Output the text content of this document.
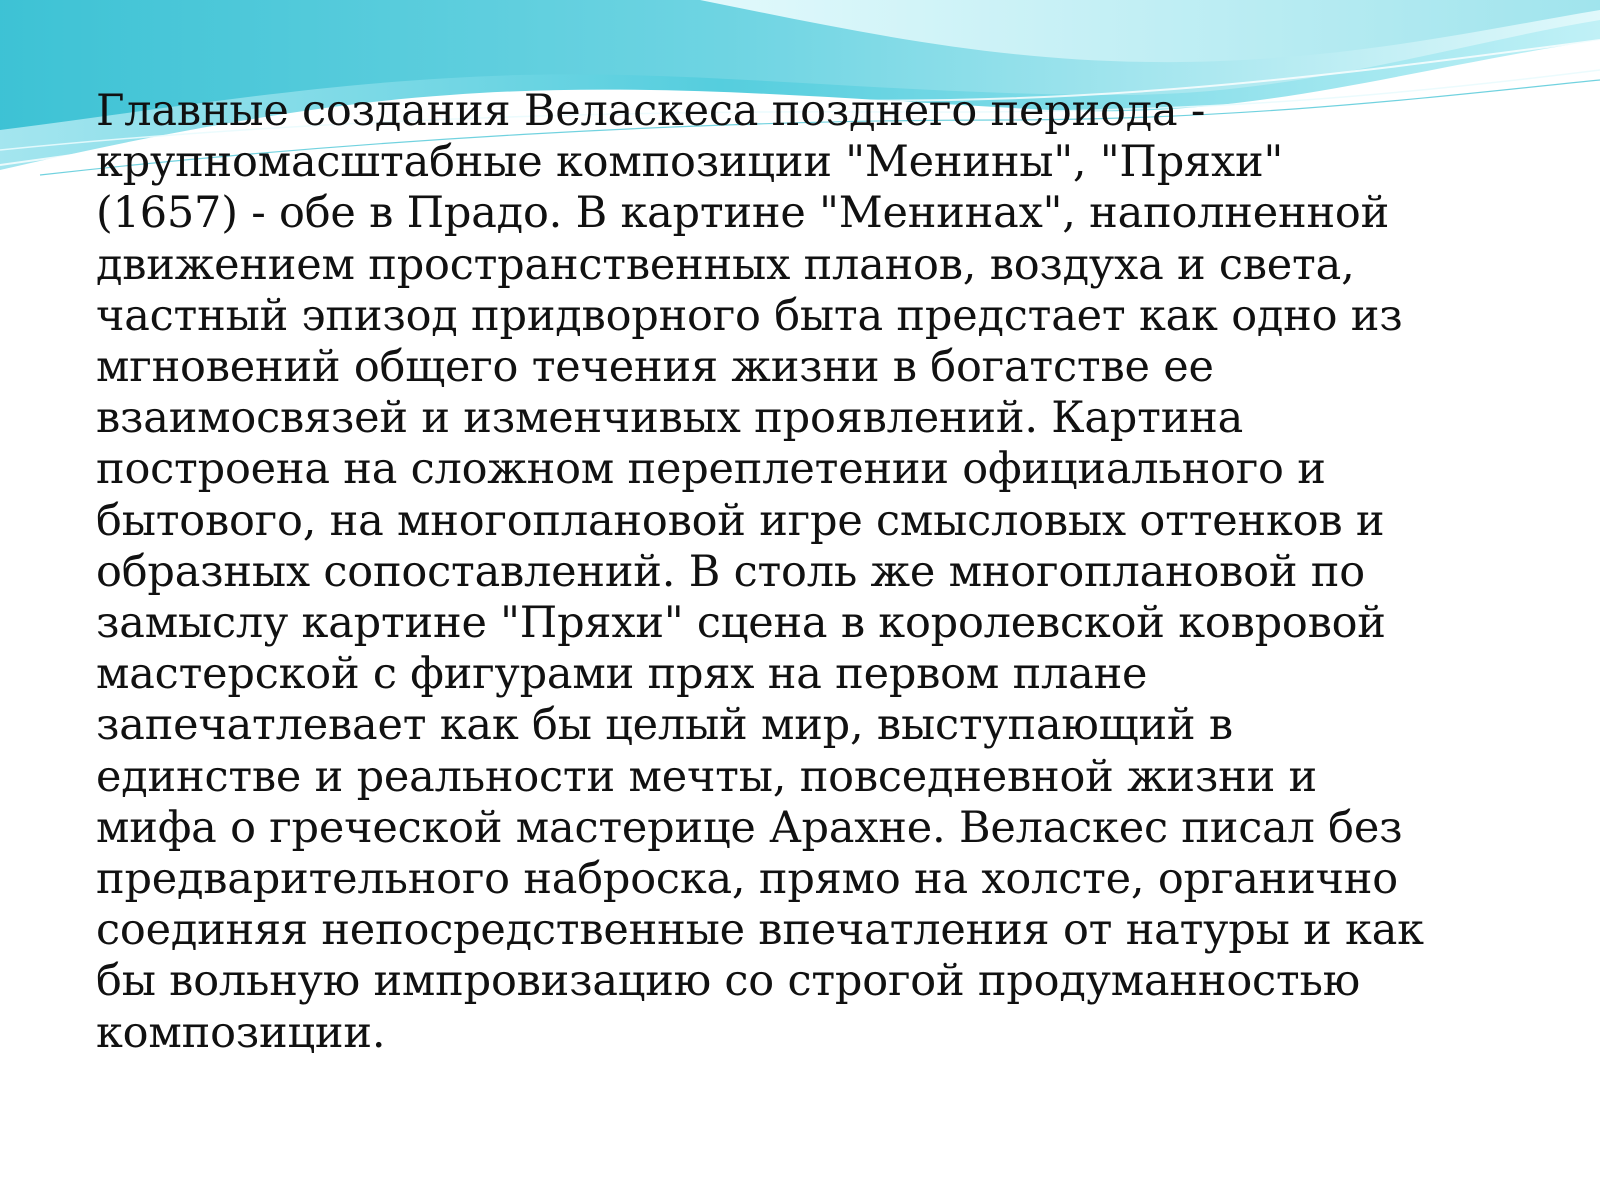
Главные создания Веласкеса позднего периода -
крупномасштабные композиции "Менины", "Пряхи"
(1657) - обе в Прадо. В картине "Менинах", наполненной
движением пространственных планов, воздуха и света,
частный эпизод придворного быта предстает как одно из
мгновений общего течения жизни в богатстве ее
взаимосвязей и изменчивых проявлений. Картина
построена на сложном переплетении официального и
бытового, на многоплановой игре смысловых оттенков и
образных сопоставлений. В столь же многоплановой по
замыслу картине "Пряхи" сцена в королевской ковровой
мастерской с фигурами прях на первом плане
запечатлевает как бы целый мир, выступающий в
единстве и реальности мечты, повседневной жизни и
мифа о греческой мастерице Арахне. Веласкес писал без
предварительного наброска, прямо на холсте, органично
соединяя непосредственные впечатления от натуры и как
бы вольную импровизацию со строгой продуманностью
композиции.
